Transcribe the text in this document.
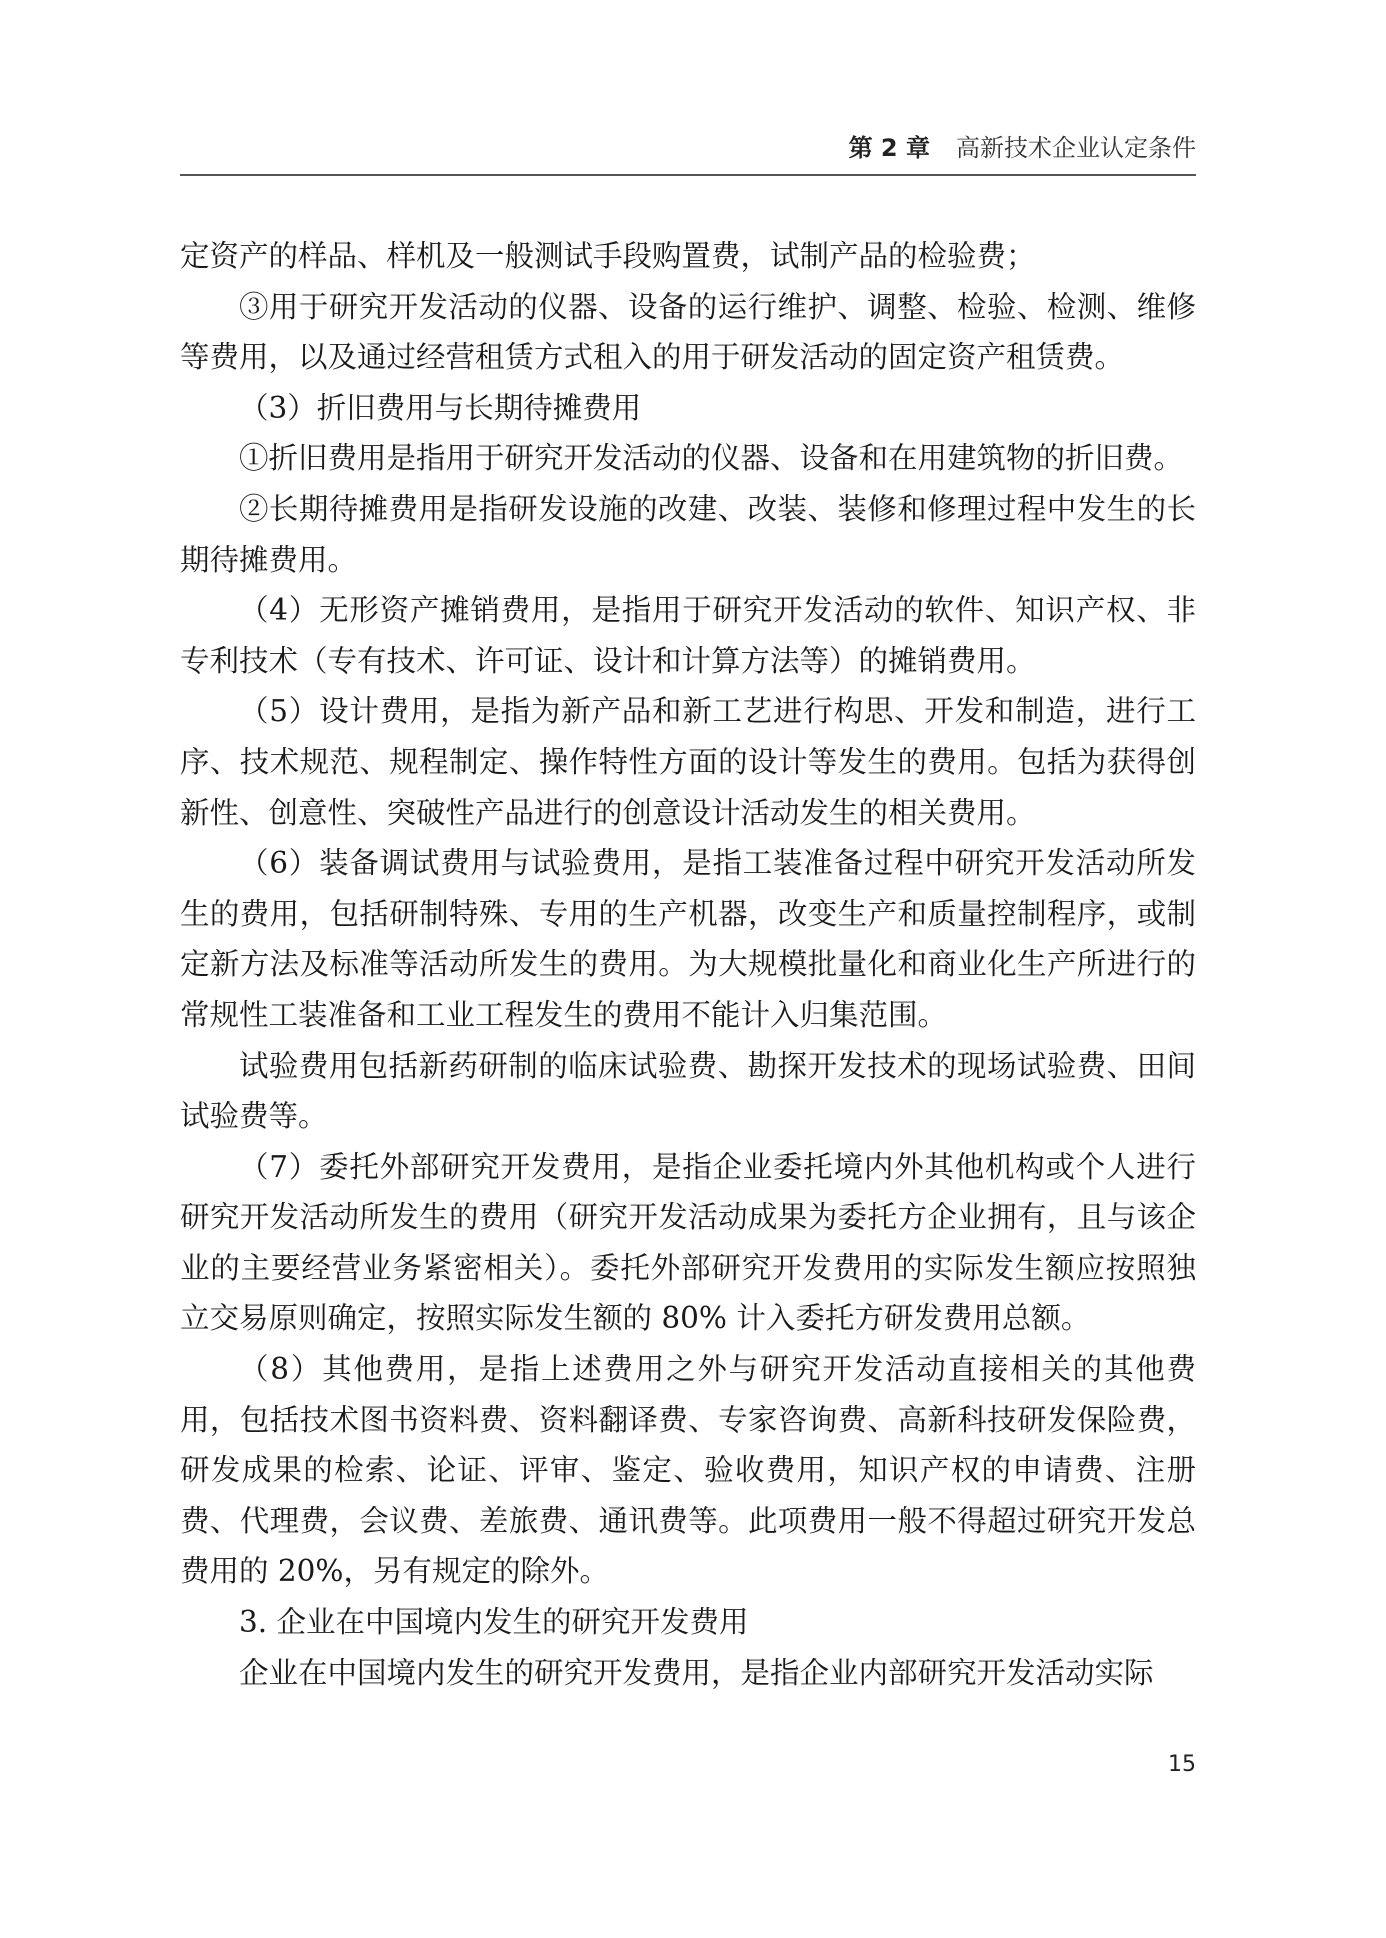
第 2 章 高新技术企业认定条件

定资产的样品、样机及一般测试手段购置费，试制产品的检验费；

③用于研究开发活动的仪器、设备的运行维护、调整、检验、检测、维修等费用，以及通过经营租赁方式租入的用于研发活动的固定资产租赁费。

（3）折旧费用与长期待摊费用

①折旧费用是指用于研究开发活动的仪器、设备和在用建筑物的折旧费。

②长期待摊费用是指研发设施的改建、改装、装修和修理过程中发生的长期待摊费用。

（4）无形资产摊销费用，是指用于研究开发活动的软件、知识产权、非专利技术（专有技术、许可证、设计和计算方法等）的摊销费用。

（5）设计费用，是指为新产品和新工艺进行构思、开发和制造，进行工序、技术规范、规程制定、操作特性方面的设计等发生的费用。包括为获得创新性、创意性、突破性产品进行的创意设计活动发生的相关费用。

（6）装备调试费用与试验费用，是指工装准备过程中研究开发活动所发生的费用，包括研制特殊、专用的生产机器，改变生产和质量控制程序，或制定新方法及标准等活动所发生的费用。为大规模批量化和商业化生产所进行的常规性工装准备和工业工程发生的费用不能计入归集范围。

试验费用包括新药研制的临床试验费、勘探开发技术的现场试验费、田间试验费等。

（7）委托外部研究开发费用，是指企业委托境内外其他机构或个人进行研究开发活动所发生的费用（研究开发活动成果为委托方企业拥有，且与该企业的主要经营业务紧密相关）。委托外部研究开发费用的实际发生额应按照独立交易原则确定，按照实际发生额的 80% 计入委托方研发费用总额。

（8）其他费用，是指上述费用之外与研究开发活动直接相关的其他费用，包括技术图书资料费、资料翻译费、专家咨询费、高新科技研发保险费，研发成果的检索、论证、评审、鉴定、验收费用，知识产权的申请费、注册费、代理费，会议费、差旅费、通讯费等。此项费用一般不得超过研究开发总费用的 20%，另有规定的除外。

3. 企业在中国境内发生的研究开发费用

企业在中国境内发生的研究开发费用，是指企业内部研究开发活动实际

15
